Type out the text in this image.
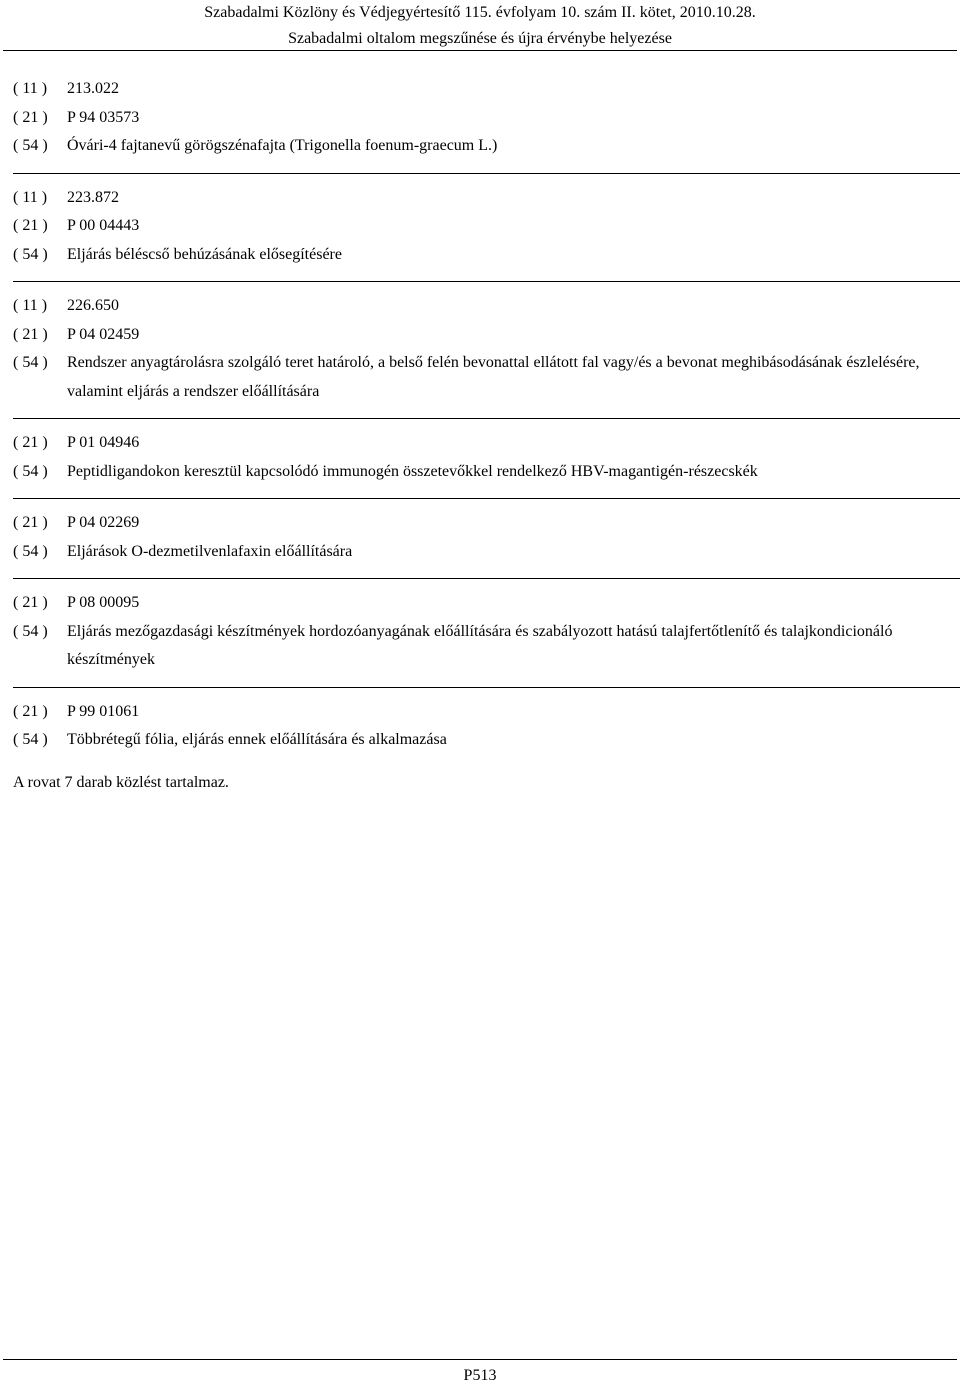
Szabadalmi Közlöny és Védjegyértesítő 115. évfolyam 10. szám II. kötet, 2010.10.28.
Szabadalmi oltalom megszűnése és újra érvénybe helyezése
( 11 )	213.022
( 21 )	P 94 03573
( 54 )	Óvári-4 fajtanevű görögszénafajta (Trigonella foenum-graecum L.)
( 11 )	223.872
( 21 )	P 00 04443
( 54 )	Eljárás béléscső behúzásának elősegítésére
( 11 )	226.650
( 21 )	P 04 02459
( 54 )	Rendszer anyagtárolásra szolgáló teret határoló, a belső felén bevonattal ellátott fal vagy/és a bevonat meghibásodásának észlelésére, valamint eljárás a rendszer előállítására
( 21 )	P 01 04946
( 54 )	Peptidligandokon keresztül kapcsolódó immunogén összetevőkkel rendelkező HBV-magantigén-részecskék
( 21 )	P 04 02269
( 54 )	Eljárások O-dezmetilvenlafaxin előállítására
( 21 )	P 08 00095
( 54 )	Eljárás mezőgazdasági készítmények hordozóanyagának előállítására és szabályozott hatású talajfertőtlenítő és talajkondicionáló készítmények
( 21 )	P 99 01061
( 54 )	Többrétegű fólia, eljárás ennek előállítására és alkalmazása
A rovat 7 darab közlést tartalmaz.
P513
